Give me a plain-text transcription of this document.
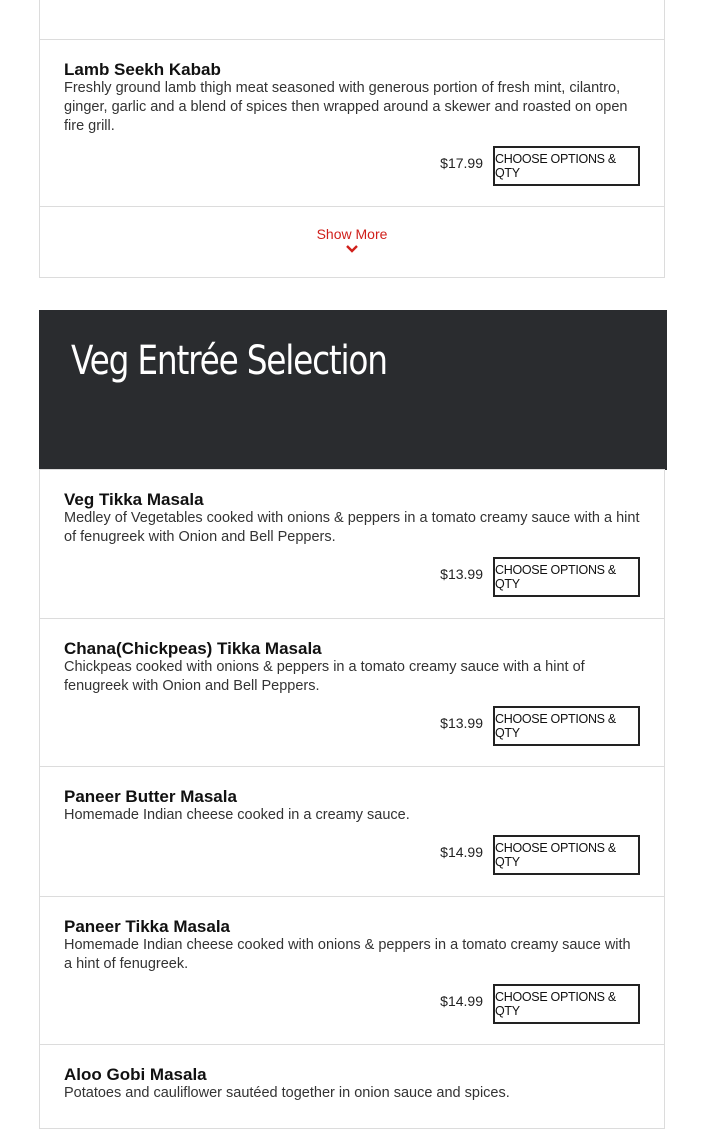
Lamb Seekh Kabab

Freshly ground lamb thigh meat seasoned with generous portion of fresh mint, cilantro, ginger, garlic and a blend of spices then wrapped around a skewer and roasted on open fire grill.

$17.99 CHOOSE OPTIONS & QTY
Show More
Veg Entrée Selection

Veg Tikka Masala

Medley of Vegetables cooked with onions & peppers in a tomato creamy sauce with a hint of fenugreek with Onion and Bell Peppers.

$13.99 CHOOSE OPTIONS & QTY

Chana(Chickpeas) Tikka Masala

Chickpeas cooked with onions & peppers in a tomato creamy sauce with a hint of fenugreek with Onion and Bell Peppers.

$13.99 CHOOSE OPTIONS & QTY

Paneer Butter Masala

Homemade Indian cheese cooked in a creamy sauce.

$14.99 CHOOSE OPTIONS & QTY

Paneer Tikka Masala

Homemade Indian cheese cooked with onions & peppers in a tomato creamy sauce with a hint of fenugreek.

$14.99 CHOOSE OPTIONS & QTY

Aloo Gobi Masala

Potatoes and cauliflower sautéed together in onion sauce and spices.
